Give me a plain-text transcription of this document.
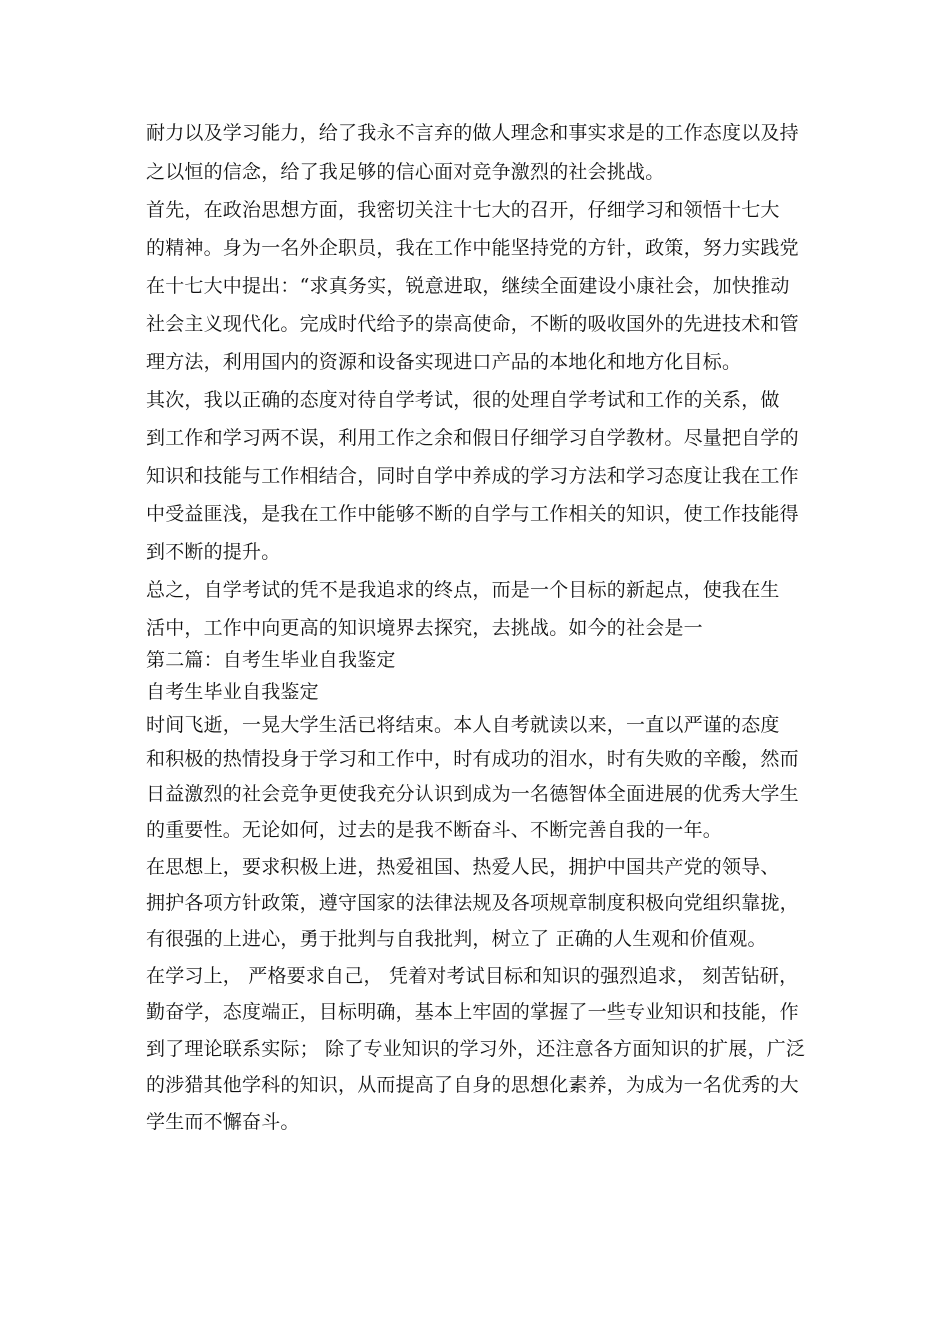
耐力以及学习能力，给了我永不言弃的做人理念和事实求是的工作态度以及持
之以恒的信念，给了我足够的信心面对竞争激烈的社会挑战。
首先，在政治思想方面，我密切关注十七大的召开，仔细学习和领悟十七大
的精神。身为一名外企职员，我在工作中能坚持党的方针，政策，努力实践党
在十七大中提出：“求真务实，锐意进取，继续全面建设小康社会，加快推动
社会主义现代化。完成时代给予的崇高使命，不断的吸收国外的先进技术和管
理方法，利用国内的资源和设备实现进口产品的本地化和地方化目标。
其次，我以正确的态度对待自学考试，很的处理自学考试和工作的关系，做
到工作和学习两不误，利用工作之余和假日仔细学习自学教材。尽量把自学的
知识和技能与工作相结合，同时自学中养成的学习方法和学习态度让我在工作
中受益匪浅，是我在工作中能够不断的自学与工作相关的知识，使工作技能得
到不断的提升。
总之，自学考试的凭不是我追求的终点，而是一个目标的新起点，使我在生
活中，工作中向更高的知识境界去探究，去挑战。如今的社会是一
第二篇：自考生毕业自我鉴定
自考生毕业自我鉴定
时间飞逝，一晃大学生活已将结束。本人自考就读以来，一直以严谨的态度
和积极的热情投身于学习和工作中，时有成功的泪水，时有失败的辛酸，然而
日益激烈的社会竞争更使我充分认识到成为一名德智体全面进展的优秀大学生
的重要性。无论如何，过去的是我不断奋斗、不断完善自我的一年。
在思想上，要求积极上进，热爱祖国、热爱人民，拥护中国共产党的领导、
拥护各项方针政策，遵守国家的法律法规及各项规章制度积极向党组织靠拢，
有很强的上进心，勇于批判与自我批判，树立了 正确的人生观和价值观。
在学习上， 严格要求自己， 凭着对考试目标和知识的强烈追求， 刻苦钻研，
勤奋学，态度端正，目标明确，基本上牢固的掌握了一些专业知识和技能，作
到了理论联系实际； 除了专业知识的学习外，还注意各方面知识的扩展，广泛
的涉猎其他学科的知识，从而提高了自身的思想化素养，为成为一名优秀的大
学生而不懈奋斗。
